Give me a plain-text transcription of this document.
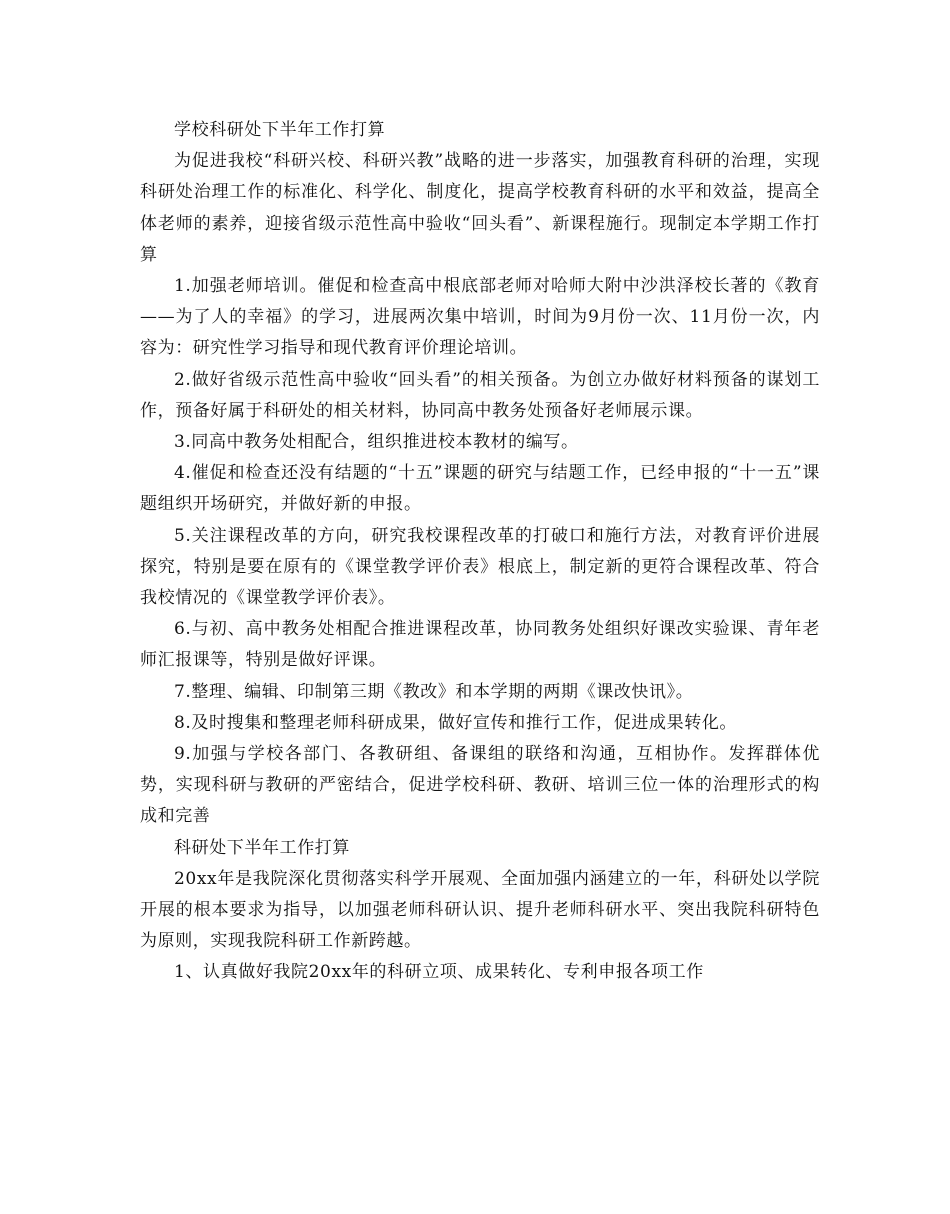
学校科研处下半年工作打算

为促进我校“科研兴校、科研兴教”战略的进一步落实，加强教育科研的治理，实现科研处治理工作的标准化、科学化、制度化，提高学校教育科研的水平和效益，提高全体老师的素养，迎接省级示范性高中验收“回头看”、新课程施行。现制定本学期工作打算

1.加强老师培训。催促和检查高中根底部老师对哈师大附中沙洪泽校长著的《教育——为了人的幸福》的学习，进展两次集中培训，时间为9月份一次、11月份一次，内容为：研究性学习指导和现代教育评价理论培训。

2.做好省级示范性高中验收“回头看”的相关预备。为创立办做好材料预备的谋划工作，预备好属于科研处的相关材料，协同高中教务处预备好老师展示课。

3.同高中教务处相配合，组织推进校本教材的编写。

4.催促和检查还没有结题的“十五”课题的研究与结题工作，已经申报的“十一五”课题组织开场研究，并做好新的申报。

5.关注课程改革的方向，研究我校课程改革的打破口和施行方法，对教育评价进展探究，特别是要在原有的《课堂教学评价表》根底上，制定新的更符合课程改革、符合我校情况的《课堂教学评价表》。

6.与初、高中教务处相配合推进课程改革，协同教务处组织好课改实验课、青年老师汇报课等，特别是做好评课。

7.整理、编辑、印制第三期《教改》和本学期的两期《课改快讯》。

8.及时搜集和整理老师科研成果，做好宣传和推行工作，促进成果转化。

9.加强与学校各部门、各教研组、备课组的联络和沟通，互相协作。发挥群体优势，实现科研与教研的严密结合，促进学校科研、教研、培训三位一体的治理形式的构成和完善

科研处下半年工作打算

20xx年是我院深化贯彻落实科学开展观、全面加强内涵建立的一年，科研处以学院开展的根本要求为指导，以加强老师科研认识、提升老师科研水平、突出我院科研特色为原则，实现我院科研工作新跨越。

1、认真做好我院20xx年的科研立项、成果转化、专利申报各项工作
